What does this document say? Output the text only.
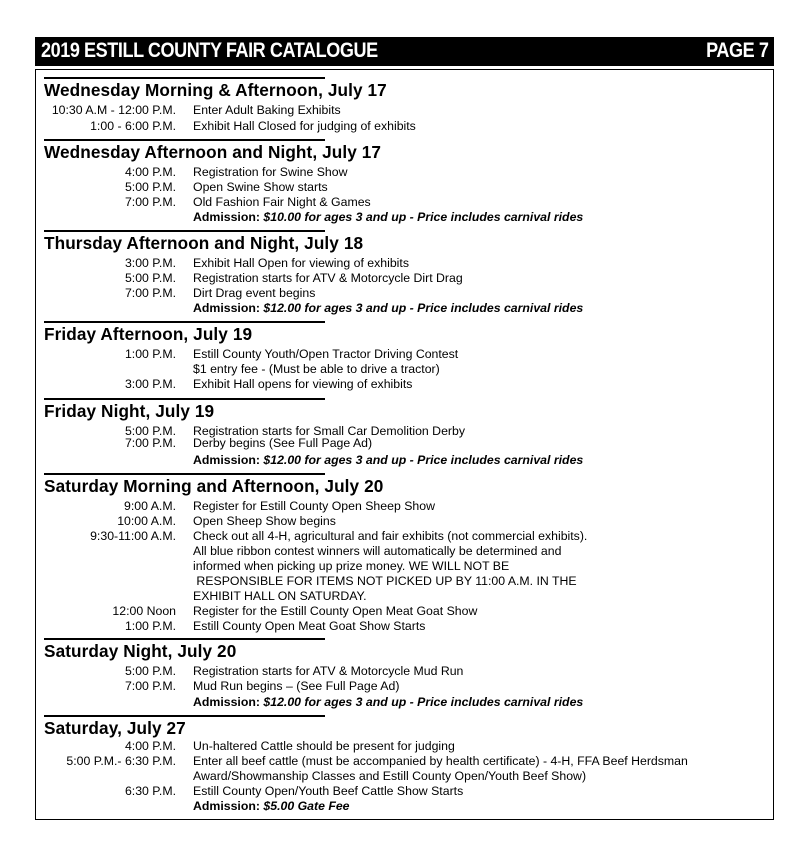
2019 ESTILL COUNTY FAIR CATALOGUE	PAGE 7
Wednesday Morning & Afternoon, July 17
10:30 A.M - 12:00 P.M. Enter Adult Baking Exhibits
1:00 - 6:00 P.M. Exhibit Hall Closed for judging of exhibits
Wednesday Afternoon and Night, July 17
4:00 P.M. Registration for Swine Show
5:00 P.M. Open Swine Show starts
7:00 P.M. Old Fashion Fair Night & Games
Admission: $10.00 for ages 3 and up - Price includes carnival rides
Thursday Afternoon and Night, July 18
3:00 P.M. Exhibit Hall Open for viewing of exhibits
5:00 P.M. Registration starts for ATV & Motorcycle Dirt Drag
7:00 P.M. Dirt Drag event begins
Admission: $12.00 for ages 3 and up - Price includes carnival rides
Friday Afternoon, July 19
1:00 P.M. Estill County Youth/Open Tractor Driving Contest
$1 entry fee - (Must be able to drive a tractor)
3:00 P.M. Exhibit Hall opens for viewing of exhibits
Friday Night, July 19
5:00 P.M. Registration starts for Small Car Demolition Derby
7:00 P.M. Derby begins (See Full Page Ad)
Admission: $12.00 for ages 3 and up - Price includes carnival rides
Saturday Morning and Afternoon, July 20
9:00 A.M. Register for Estill County Open Sheep Show
10:00 A.M. Open Sheep Show begins
9:30-11:00 A.M. Check out all 4-H, agricultural and fair exhibits (not commercial exhibits).
All blue ribbon contest winners will automatically be determined and
informed when picking up prize money. WE WILL NOT BE
RESPONSIBLE FOR ITEMS NOT PICKED UP BY 11:00 A.M. IN THE
EXHIBIT HALL ON SATURDAY.
12:00 Noon Register for the Estill County Open Meat Goat Show
1:00 P.M. Estill County Open Meat Goat Show Starts
Saturday Night, July 20
5:00 P.M. Registration starts for ATV & Motorcycle Mud Run
7:00 P.M. Mud Run begins – (See Full Page Ad)
Admission: $12.00 for ages 3 and up - Price includes carnival rides
Saturday, July 27
4:00 P.M. Un-haltered Cattle should be present for judging
5:00 P.M.- 6:30 P.M. Enter all beef cattle (must be accompanied by health certificate) - 4-H, FFA Beef Herdsman
Award/Showmanship Classes and Estill County Open/Youth Beef Show)
6:30 P.M. Estill County Open/Youth Beef Cattle Show Starts
Admission: $5.00 Gate Fee
